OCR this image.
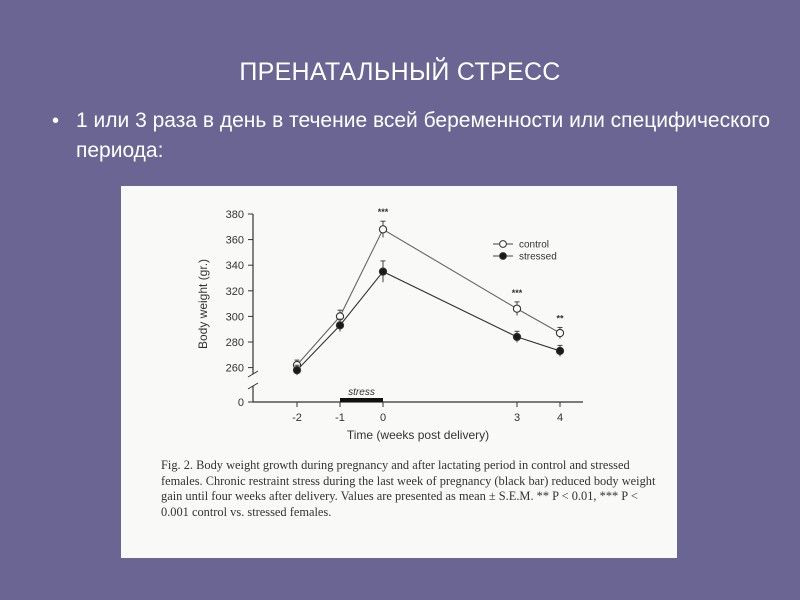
ПРЕНАТАЛЬНЫЙ СТРЕСС
• 1 или 3 раза в день в течение всей беременности или специфического периода:
380
360
340
320
300
280
260
0
-2	-1	0	3	4
Time (weeks post delivery)
Body weight (gr.)
stress
***
***
**
control
stressed

Fig. 2. Body weight growth during pregnancy and after lactating period in control and stressed females. Chronic restraint stress during the last week of pregnancy (black bar) reduced body weight gain until four weeks after delivery. Values are presented as mean ± S.E.M. ** P < 0.01, *** P < 0.001 control vs. stressed females.
